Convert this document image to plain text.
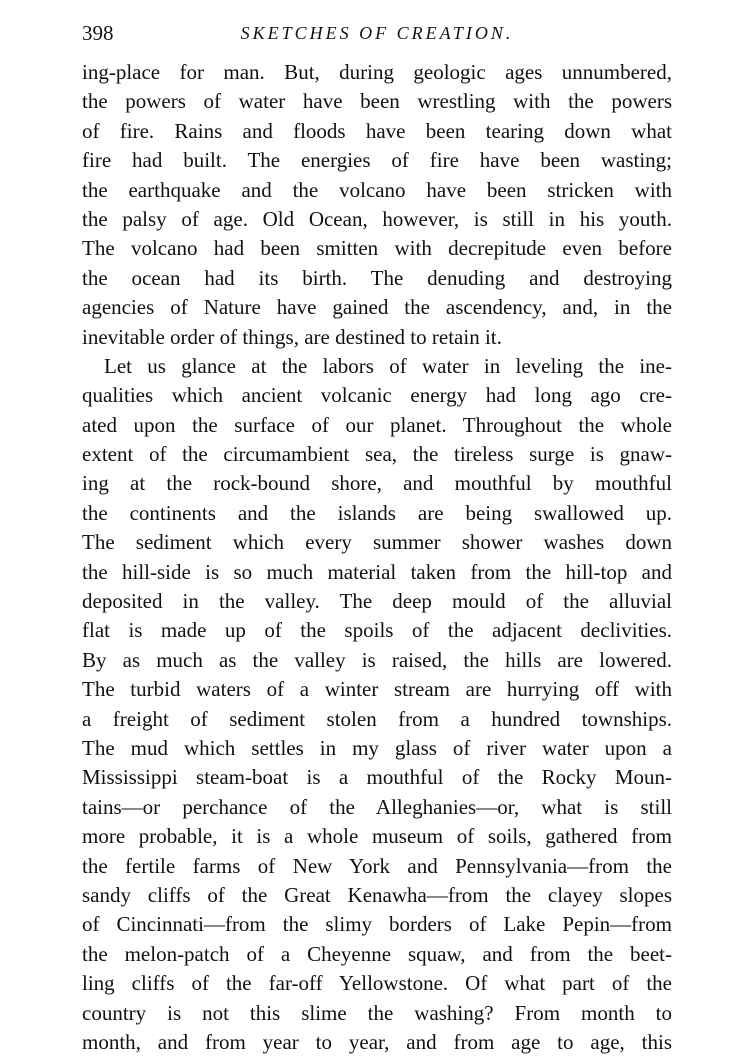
398	SKETCHES OF CREATION.
ing-place for man. But, during geologic ages unnumbered,
the powers of water have been wrestling with the powers
of fire. Rains and floods have been tearing down what
fire had built. The energies of fire have been wasting;
the earthquake and the volcano have been stricken with
the palsy of age. Old Ocean, however, is still in his youth.
The volcano had been smitten with decrepitude even before
the ocean had its birth. The denuding and destroying
agencies of Nature have gained the ascendency, and, in the
inevitable order of things, are destined to retain it.
Let us glance at the labors of water in leveling the ine-
qualities which ancient volcanic energy had long ago cre-
ated upon the surface of our planet. Throughout the whole
extent of the circumambient sea, the tireless surge is gnaw-
ing at the rock-bound shore, and mouthful by mouthful
the continents and the islands are being swallowed up.
The sediment which every summer shower washes down
the hill-side is so much material taken from the hill-top and
deposited in the valley. The deep mould of the alluvial
flat is made up of the spoils of the adjacent declivities.
By as much as the valley is raised, the hills are lowered.
The turbid waters of a winter stream are hurrying off with
a freight of sediment stolen from a hundred townships.
The mud which settles in my glass of river water upon a
Mississippi steam-boat is a mouthful of the Rocky Moun-
tains—or perchance of the Alleghanies—or, what is still
more probable, it is a whole museum of soils, gathered from
the fertile farms of New York and Pennsylvania—from the
sandy cliffs of the Great Kenawha—from the clayey slopes
of Cincinnati—from the slimy borders of Lake Pepin—from
the melon-patch of a Cheyenne squaw, and from the beet-
ling cliffs of the far-off Yellowstone. Of what part of the
country is not this slime the washing? From month to
month, and from year to year, and from age to age, this
